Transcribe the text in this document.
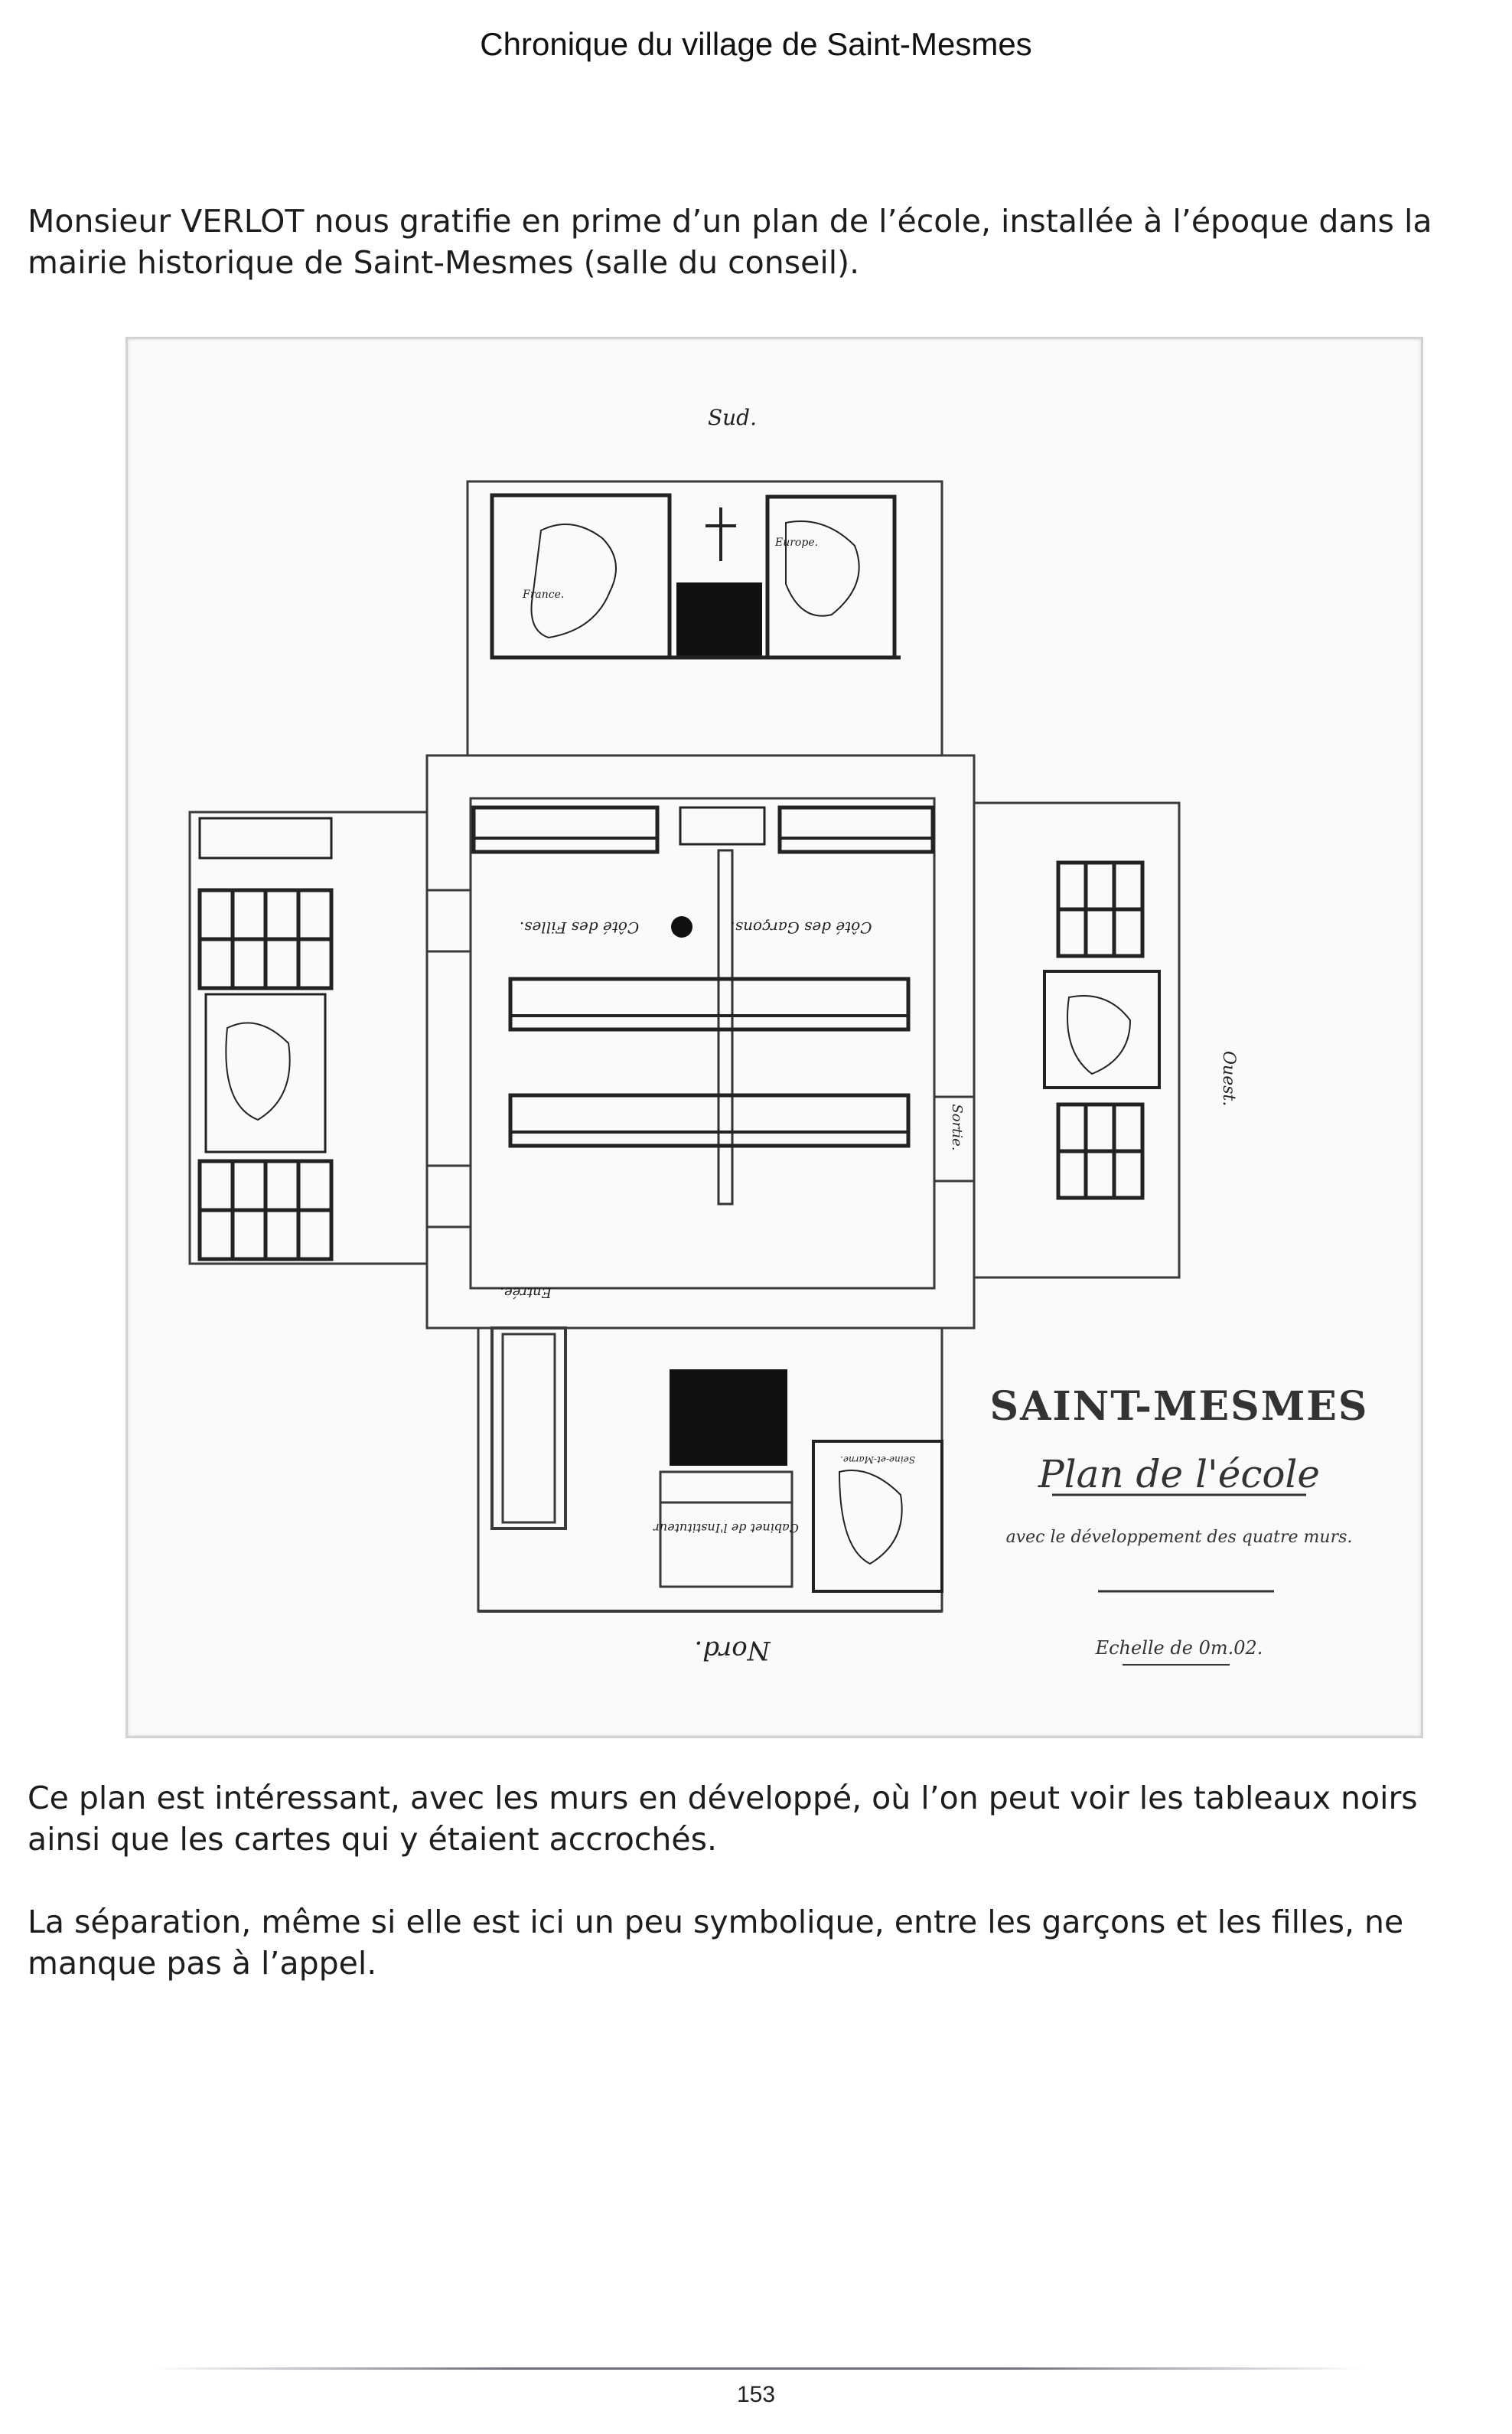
Chronique du village de Saint-Mesmes

Monsieur VERLOT nous gratifie en prime d’un plan de l’école, installée à l’époque dans la mairie historique de Saint-Mesmes (salle du conseil).

Sud.
Nord.
Ouest.
Côté des Filles.	Côté des Garçons.
Entrée.
Sortie.
France.
Europe.
Cabinet de l'Instituteur
Seine-et-Marne.
SAINT-MESMES
Plan de l'école
avec le développement des quatre murs.
Echelle de 0m.02.

Ce plan est intéressant, avec les murs en développé, où l’on peut voir les tableaux noirs ainsi que les cartes qui y étaient accrochés.

La séparation, même si elle est ici un peu symbolique, entre les garçons et les filles, ne manque pas à l’appel.

153
